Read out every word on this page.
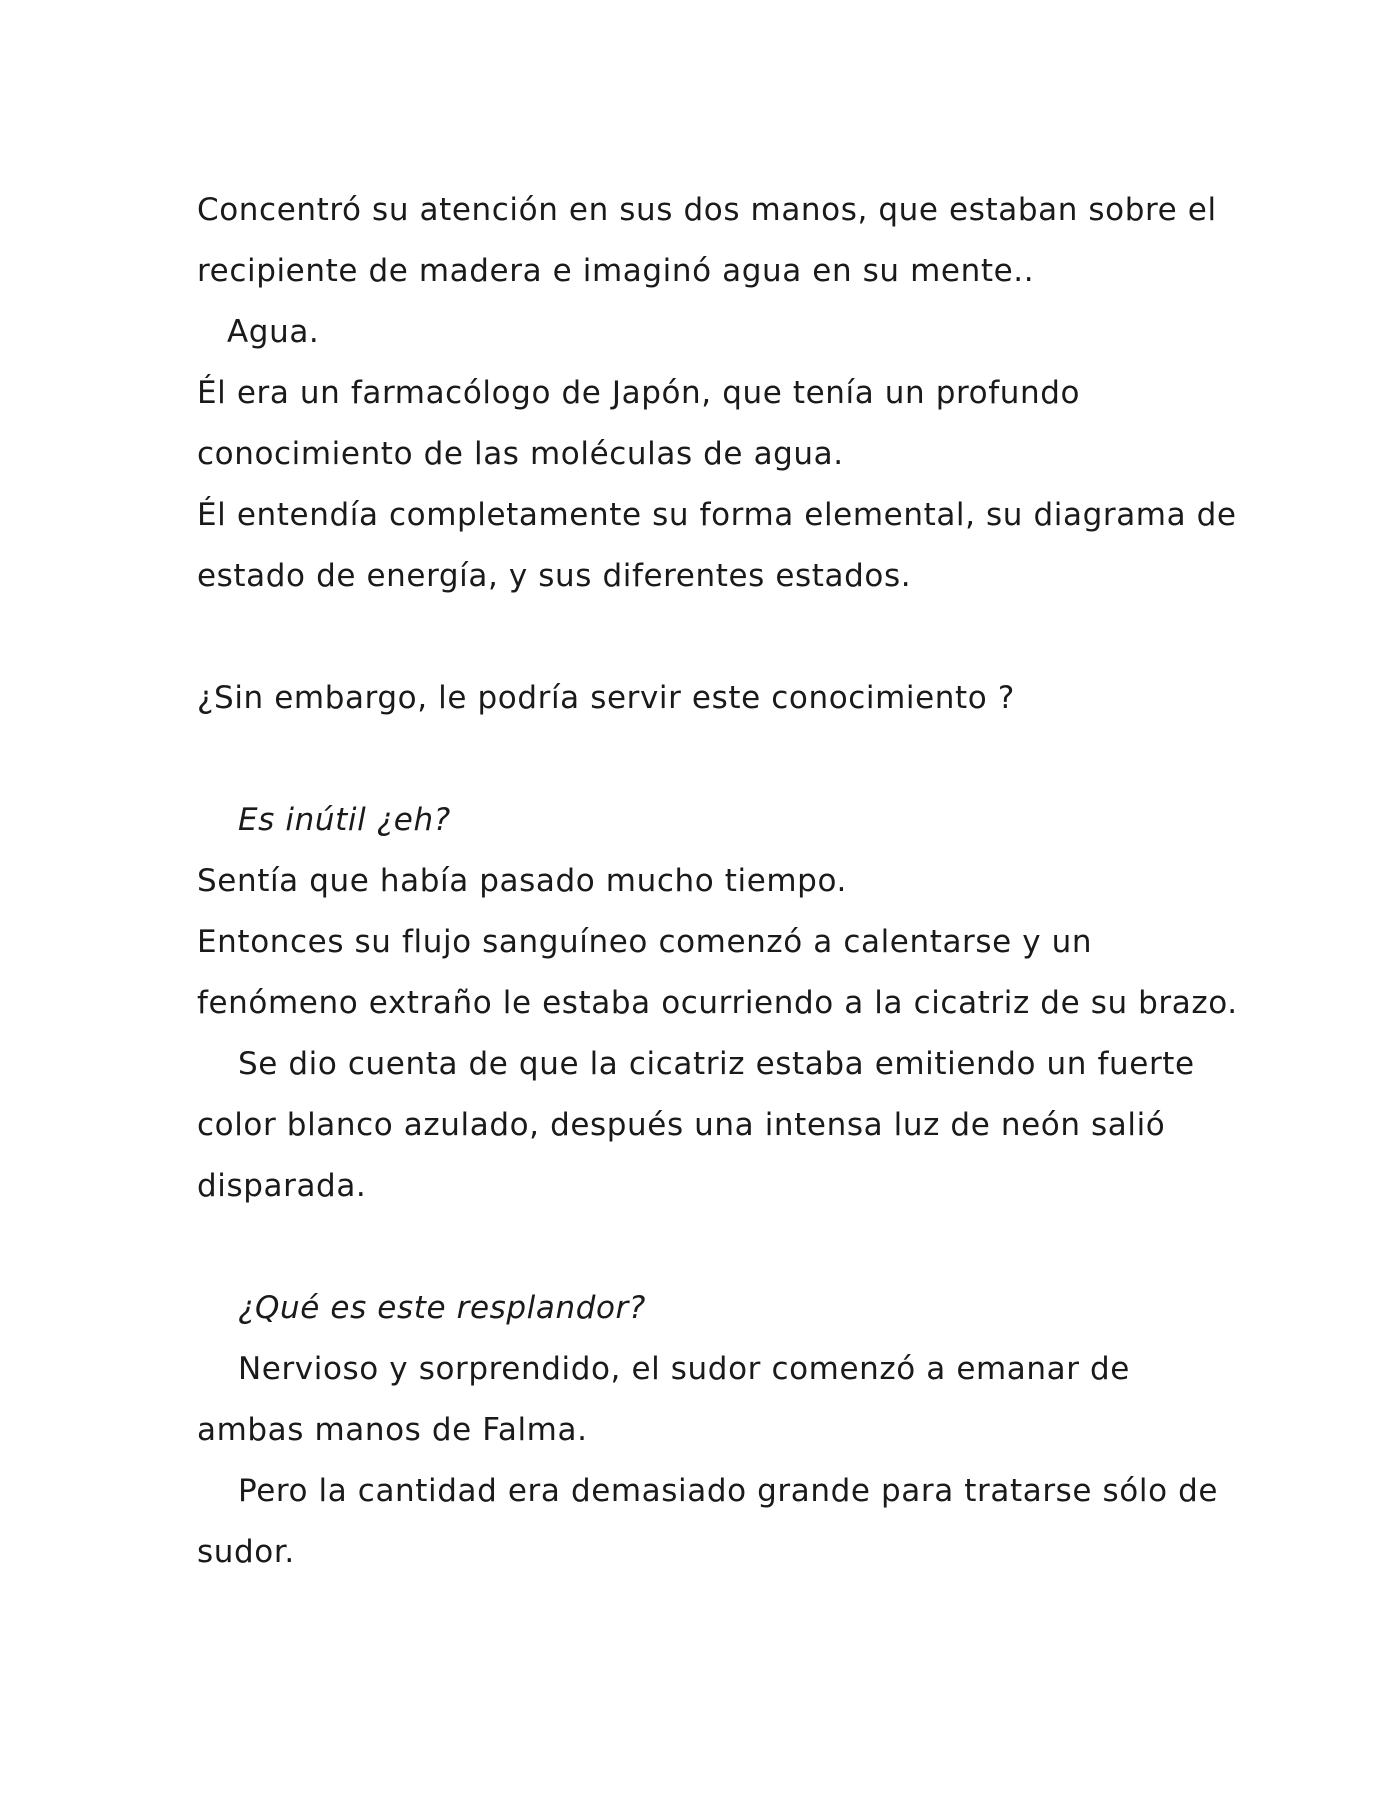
Concentró su atención en sus dos manos, que estaban sobre el
recipiente de madera e imaginó agua en su mente..
Agua.
Él era un farmacólogo de Japón, que tenía un profundo
conocimiento de las moléculas de agua.
Él entendía completamente su forma elemental, su diagrama de
estado de energía, y sus diferentes estados.
¿Sin embargo, le podría servir este conocimiento ?
Es inútil ¿eh?
Sentía que había pasado mucho tiempo.
Entonces su flujo sanguíneo comenzó a calentarse y un
fenómeno extraño le estaba ocurriendo a la cicatriz de su brazo.
Se dio cuenta de que la cicatriz estaba emitiendo un fuerte
color blanco azulado, después una intensa luz de neón salió
disparada.
¿Qué es este resplandor?
Nervioso y sorprendido, el sudor comenzó a emanar de
ambas manos de Falma.
Pero la cantidad era demasiado grande para tratarse sólo de
sudor.
